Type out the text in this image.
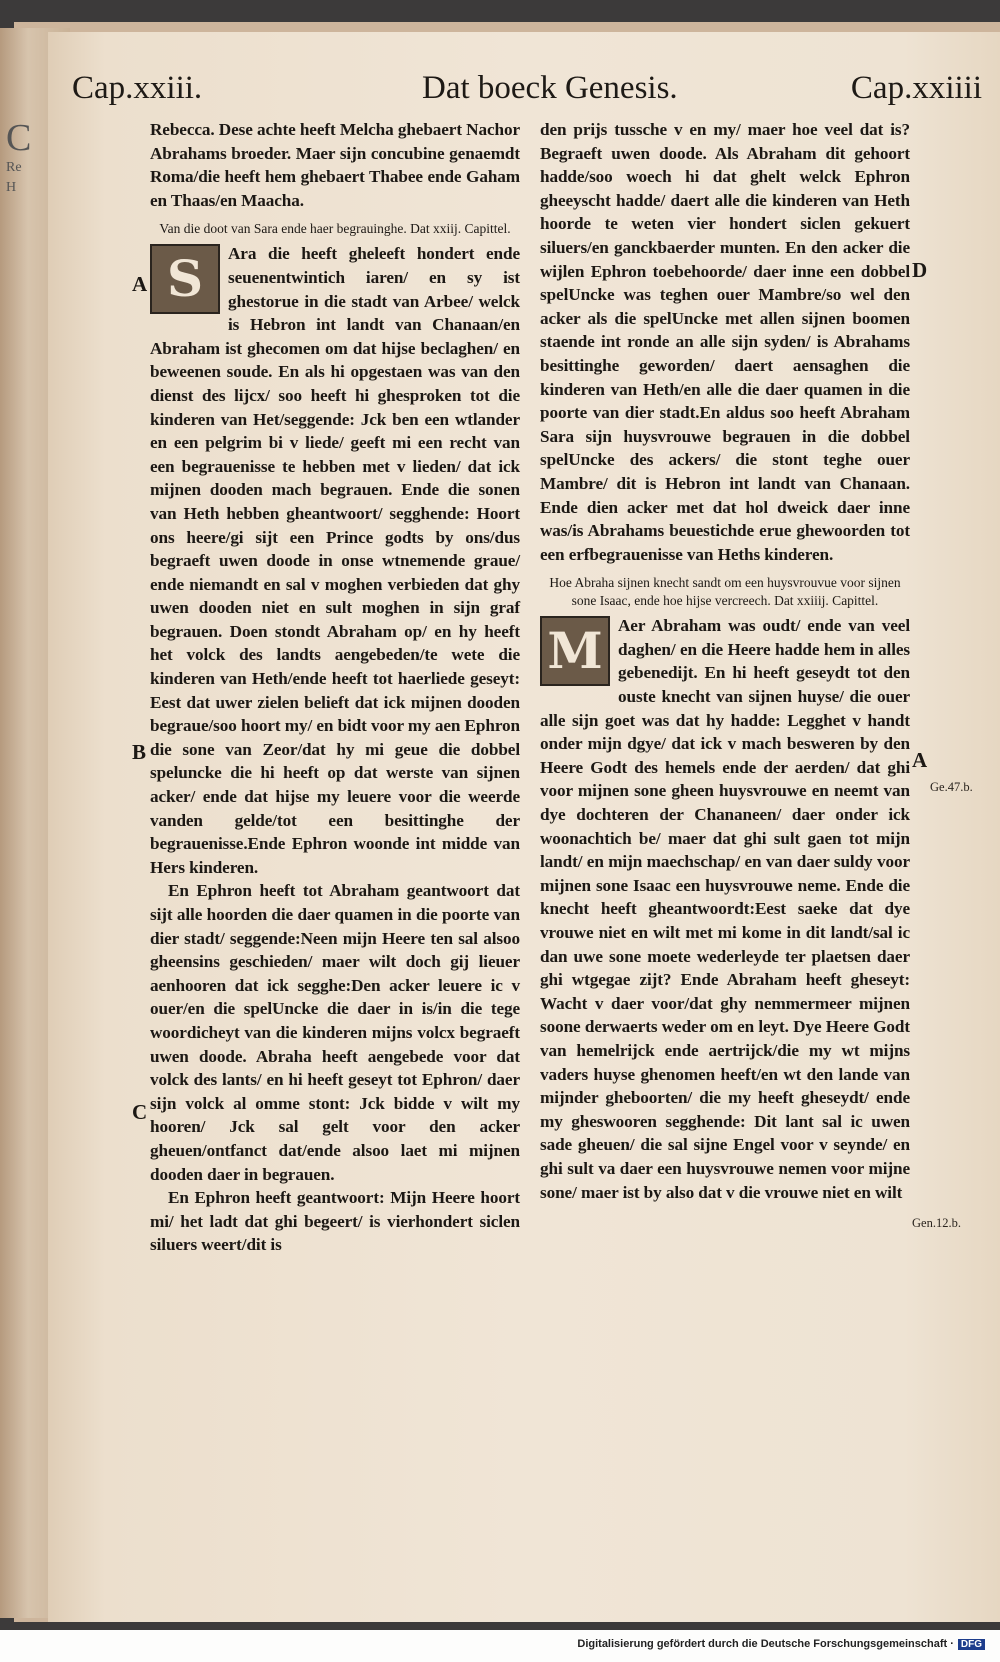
C
Re
H
Cap.xxiii.	Dat boeck Genesis.	Cap.xxiiii

Rebecca. Dese achte heeft Melcha ghebaert Nachor Abrahams broeder. Maer sijn concubine genaemdt Roma/die heeft hem ghebaert Thabee ende Gaham en Thaas/en Maacha.

Van die doot van Sara ende haer begrauinghe. Dat xxiij. Capittel.

S	Ara die heeft gheleeft hondert ende seuenentwintich iaren/ en sy ist ghestorue in die stadt van Arbee/ welck is Hebron int landt van Chanaan/en Abraham ist ghecomen om dat hijse beclaghen/ en beweenen soude. En als hi opgestaen was van den dienst des lijcx/ soo heeft hi ghesproken tot die kinderen van Het/seggende: Jck ben een wtlander en een pelgrim bi v liede/ geeft mi een recht van een begrauenisse te hebben met v lieden/ dat ick mijnen dooden mach begrauen. Ende die sonen van Heth hebben gheantwoort/ segghende: Hoort ons heere/gi sijt een Prince godts by ons/dus begraeft uwen doode in onse wtnemende graue/ ende niemandt en sal v moghen verbieden dat ghy uwen dooden niet en sult moghen in sijn graf begrauen. Doen stondt Abraham op/ en hy heeft het volck des landts aengebeden/te wete die kinderen van Heth/ende heeft tot haerliede geseyt: Eest dat uwer zielen belieft dat ick mijnen dooden begraue/soo hoort my/ en bidt voor my aen Ephron die sone van Zeor/dat hy mi geue die dobbel speluncke die hi heeft op dat werste van sijnen acker/ ende dat hijse my leuere voor die weerde vanden gelde/tot een besittinghe der begrauenisse.Ende Ephron woonde int midde van Hers kinderen.

En Ephron heeft tot Abraham geantwoort dat sijt alle hoorden die daer quamen in die poorte van dier stadt/ seggende:Neen mijn Heere ten sal alsoo gheensins geschieden/ maer wilt doch gij lieuer aenhooren dat ick segghe:Den acker leuere ic v ouer/en die spelUncke die daer in is/in die tege woordicheyt van die kinderen mijns volcx begraeft uwen doode. Abraha heeft aengebede voor dat volck des lants/ en hi heeft geseyt tot Ephron/ daer sijn volck al omme stont: Jck bidde v wilt my hooren/ Jck sal gelt voor den acker gheuen/ontfanct dat/ende alsoo laet mi mijnen dooden daer in begrauen.

En Ephron heeft geantwoort: Mijn Heere hoort mi/ het ladt dat ghi begeert/ is vierhondert siclen siluers weert/dit is

den prijs tussche v en my/ maer hoe veel dat is?Begraeft uwen doode. Als Abraham dit gehoort hadde/soo woech hi dat ghelt welck Ephron gheeyscht hadde/ daert alle die kinderen van Heth hoorde te weten vier hondert siclen gekuert siluers/en ganckbaerder munten. En den acker die wijlen Ephron toebehoorde/ daer inne een dobbel spelUncke was teghen ouer Mambre/so wel den acker als die spelUncke met allen sijnen boomen staende int ronde an alle sijn syden/ is Abrahams besittinghe geworden/ daert aensaghen die kinderen van Heth/en alle die daer quamen in die poorte van dier stadt.En aldus soo heeft Abraham Sara sijn huysvrouwe begrauen in die dobbel spelUncke des ackers/ die stont teghe ouer Mambre/ dit is Hebron int landt van Chanaan. Ende dien acker met dat hol dweick daer inne was/is Abrahams beuestichde erue ghewoorden tot een erfbegrauenisse van Heths kinderen.

Hoe Abraha sijnen knecht sandt om een huysvrouvue voor sijnen sone Isaac, ende hoe hijse vercreech. Dat xxiiij. Capittel.

M Aer Abraham was oudt/ ende van veel daghen/ en die Heere hadde hem in alles gebenedijt. En hi heeft geseydt tot den ouste knecht van sijnen huyse/ die ouer alle sijn goet was dat hy hadde: Legghet v handt onder mijn dgye/ dat ick v mach besweren by den Heere Godt des hemels ende der aerden/ dat ghi voor mijnen sone gheen huysvrouwe en neemt van dye dochteren der Chananeen/ daer onder ick woonachtich be/ maer dat ghi sult gaen tot mijn landt/ en mijn maechschap/ en van daer suldy voor mijnen sone Isaac een huysvrouwe neme. Ende die knecht heeft gheantwoordt:Eest saeke dat dye vrouwe niet en wilt met mi kome in dit landt/sal ic dan uwe sone moete wederleyde ter plaetsen daer ghi wtgegae zijt? Ende Abraham heeft gheseyt: Wacht v daer voor/dat ghy nemmermeer mijnen soone derwaerts weder om en leyt. Dye Heere Godt van hemelrijck ende aertrijck/die my wt mijns vaders huyse ghenomen heeft/en wt den lande van mijnder gheboorten/ die my heeft gheseydt/ ende my gheswooren segghende: Dit lant sal ic uwen sade gheuen/ die sal sijne Engel voor v seynde/ en ghi sult va daer een huysvrouwe nemen voor mijne sone/ maer ist by also dat v die vrouwe niet en wilt

A
B
C
D
A
Ge.47.b.
Gen.12.b.
Digitalisierung gefördert durch die Deutsche Forschungsgemeinschaft · DFG
